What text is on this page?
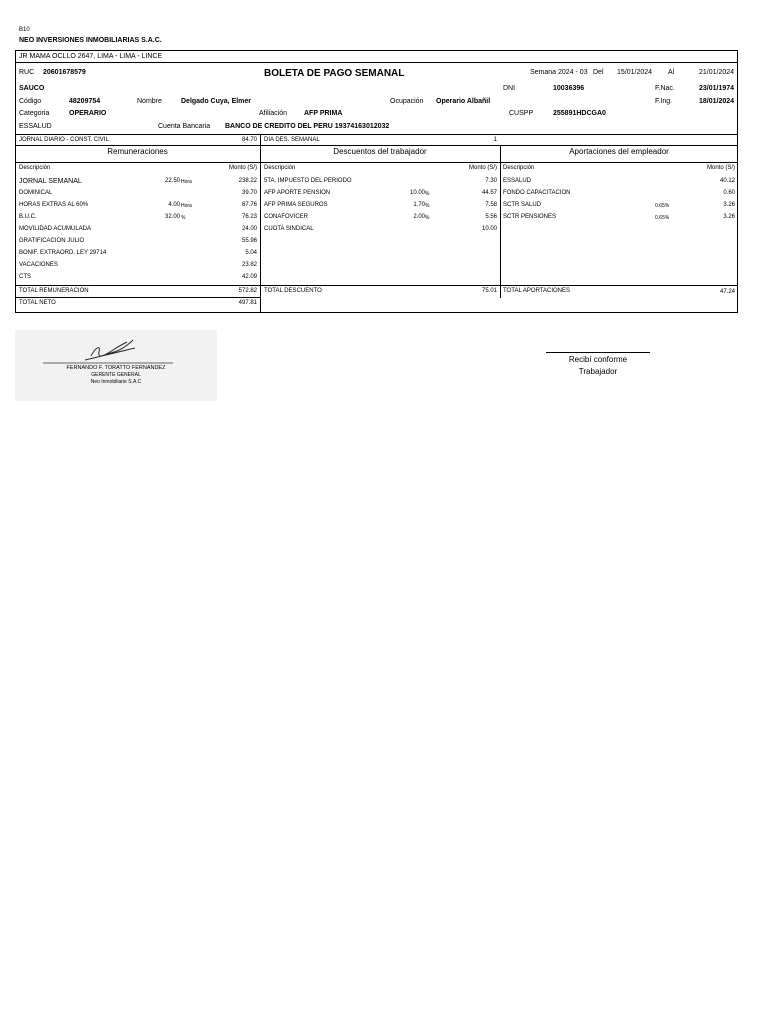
B10
NEO INVERSIONES INMOBILIARIAS S.A.C.
JR MAMA OCLLO 2647, LIMA - LIMA - LINCE
RUC 20601678579	BOLETA DE PAGO SEMANAL	Semana 2024 - 03 Del 15/01/2024 Al	21/01/2024
SAUCO	DNI	10036396	F.Nac.	23/01/1974
Código	48209754	Nombre	Delgado Cuya, Elmer	Ocupación Operario Albañil	F.Ing.	18/01/2024
Categoria	OPERARIO	Afiliación AFP PRIMA	CUSPP	255891HDCGA0
ESSALUD	Cuenta Bancaria BANCO DE CREDITO DEL PERU 19374163012032
JORNAL DIARIO - CONST. CIVIL	84.70 DIA DES. SEMANAL	1
Remuneraciones	Descuentos del trabajador	Aportaciones del empleador
Descripción	Monto (S/) Descripción	Monto (S/) Descripción	Monto (S/)
JORNAL SEMANAL	22.50 Hora	238.22
DOMINICAL	39.70
HORAS EXTRAS AL 60%	4.00 Hora	67.76
B.U.C.	32.00 %	76.23
MOVILIDAD ACUMULADA	24.00
GRATIFICACION JULIO	55.96
BONIF. EXTRAORD. LEY 29714	5.04
VACACIONES	23.82
CTS	42.09
5TA. IMPUESTO DEL PERIODO	7.30
AFP APORTE PENSION	10.00 %	44.57
AFP PRIMA SEGUROS	1.70 %	7.58
CONAFOVICER	2.00 %	5.56
CUOTA SINDICAL	10.00
ESSALUD	40.12
FONDO CAPACITACION	0.60
SCTR SALUD	0.65%	3.26
SCTR PENSIONES	0.65%	3.26
TOTAL REMUNERACION	572.82 TOTAL DESCUENTO	75.01 TOTAL APORTACIONES	47.24
TOTAL NETO	497.81
FERNANDO F. TORATTO FERNANDEZ
GERENTE GENERAL
Neo Inmobiliarie S.A.C
Recibí conforme
Trabajador
